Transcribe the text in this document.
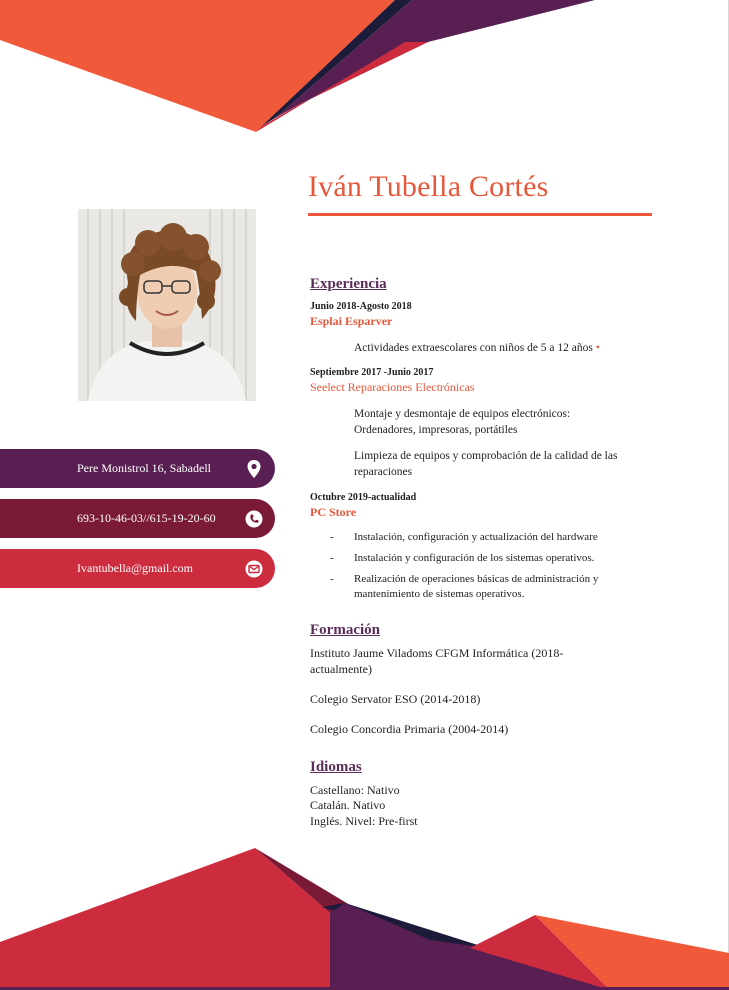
Iván Tubella Cortés
Pere Monistrol 16, Sabadell
693-10-46-03//615-19-20-60
Ivantubella@gmail.com
Experiencia
Junio 2018-Agosto 2018
Esplai Esparver
Actividades extraescolares con niños de 5 a 12 años •
Septiembre 2017 -Junio 2017
Seelect Reparaciones Electrónicas
Montaje y desmontaje de equipos electrónicos: Ordenadores, impresoras, portátiles
Limpieza de equipos y comprobación de la calidad de las reparaciones
Octubre 2019-actualidad
PC Store
- Instalación, configuración y actualización del hardware
- Instalación y configuración de los sistemas operativos.
- Realización de operaciones básicas de administración y mantenimiento de sistemas operativos.
Formación
Instituto Jaume Viladoms CFGM Informática (2018-actualmente)
Colegio Servator ESO (2014-2018)
Colegio Concordia Primaria (2004-2014)
Idiomas
Castellano: Nativo
Catalán. Nativo
Inglés. Nivel: Pre-first
